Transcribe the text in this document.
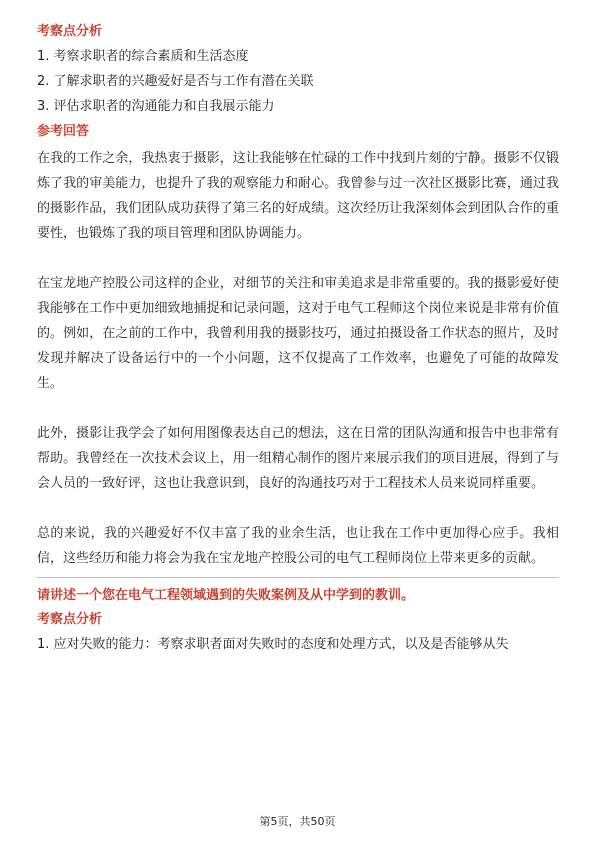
考察点分析
1. 考察求职者的综合素质和生活态度
2. 了解求职者的兴趣爱好是否与工作有潜在关联
3. 评估求职者的沟通能力和自我展示能力
参考回答

在我的工作之余，我热衷于摄影，这让我能够在忙碌的工作中找到片刻的宁静。摄影不仅锻炼了我的审美能力，也提升了我的观察能力和耐心。我曾参与过一次社区摄影比赛，通过我的摄影作品，我们团队成功获得了第三名的好成绩。这次经历让我深刻体会到团队合作的重要性，也锻炼了我的项目管理和团队协调能力。

在宝龙地产控股公司这样的企业，对细节的关注和审美追求是非常重要的。我的摄影爱好使我能够在工作中更加细致地捕捉和记录问题，这对于电气工程师这个岗位来说是非常有价值的。例如，在之前的工作中，我曾利用我的摄影技巧，通过拍摄设备工作状态的照片，及时发现并解决了设备运行中的一个小问题，这不仅提高了工作效率，也避免了可能的故障发生。

此外，摄影让我学会了如何用图像表达自己的想法，这在日常的团队沟通和报告中也非常有帮助。我曾经在一次技术会议上，用一组精心制作的图片来展示我们的项目进展，得到了与会人员的一致好评，这也让我意识到，良好的沟通技巧对于工程技术人员来说同样重要。

总的来说，我的兴趣爱好不仅丰富了我的业余生活，也让我在工作中更加得心应手。我相信，这些经历和能力将会为我在宝龙地产控股公司的电气工程师岗位上带来更多的贡献。

请讲述一个您在电气工程领域遇到的失败案例及从中学到的教训。
考察点分析
1. 应对失败的能力：考察求职者面对失败时的态度和处理方式，以及是否能够从失
第5页，共50页
